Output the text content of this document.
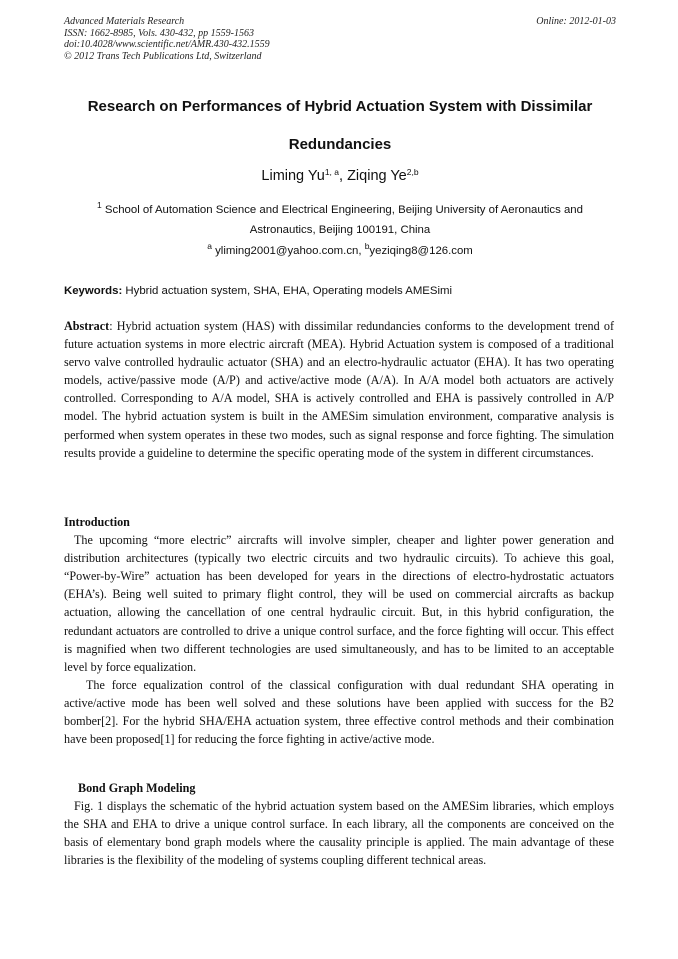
Advanced Materials Research
ISSN: 1662-8985, Vols. 430-432, pp 1559-1563
doi:10.4028/www.scientific.net/AMR.430-432.1559
© 2012 Trans Tech Publications Ltd, Switzerland
Online: 2012-01-03
Research on Performances of Hybrid Actuation System with Dissimilar
Redundancies
Liming Yu$^{1, a}$, Ziqing Ye$^{2,b}$
$^1$ School of Automation Science and Electrical Engineering, Beijing University of Aeronautics and
Astronautics, Beijing 100191, China
$^a$ yliming2001@yahoo.com.cn, $^b$yeziqing8@126.com
Keywords: Hybrid actuation system, SHA, EHA, Operating models AMESimi

Abstract: Hybrid actuation system (HAS) with dissimilar redundancies conforms to the development trend of future actuation systems in more electric aircraft (MEA). Hybrid Actuation system is composed of a traditional servo valve controlled hydraulic actuator (SHA) and an electro-hydraulic actuator (EHA). It has two operating models, active/passive mode (A/P) and active/active mode (A/A). In A/A model both actuators are actively controlled. Corresponding to A/A model, SHA is actively controlled and EHA is passively controlled in A/P model. The hybrid actuation system is built in the AMESim simulation environment, comparative analysis is performed when system operates in these two modes, such as signal response and force fighting. The simulation results provide a guideline to determine the specific operating mode of the system in different circumstances.

Introduction

The upcoming “more electric” aircrafts will involve simpler, cheaper and lighter power generation and distribution architectures (typically two electric circuits and two hydraulic circuits). To achieve this goal, “Power-by-Wire” actuation has been developed for years in the directions of electro-hydrostatic actuators (EHA’s). Being well suited to primary flight control, they will be used on commercial aircrafts as backup actuation, allowing the cancellation of one central hydraulic circuit. But, in this hybrid configuration, the redundant actuators are controlled to drive a unique control surface, and the force fighting will occur. This effect is magnified when two different technologies are used simultaneously, and has to be limited to an acceptable level by force equalization.

The force equalization control of the classical configuration with dual redundant SHA operating in active/active mode has been well solved and these solutions have been applied with success for the B2 bomber[2]. For the hybrid SHA/EHA actuation system, three effective control methods and their combination have been proposed[1] for reducing the force fighting in active/active mode.

Bond Graph Modeling

Fig. 1 displays the schematic of the hybrid actuation system based on the AMESim libraries, which employs the SHA and EHA to drive a unique control surface. In each library, all the components are conceived on the basis of elementary bond graph models where the causality principle is applied. The main advantage of these libraries is the flexibility of the modeling of systems coupling different technical areas.
